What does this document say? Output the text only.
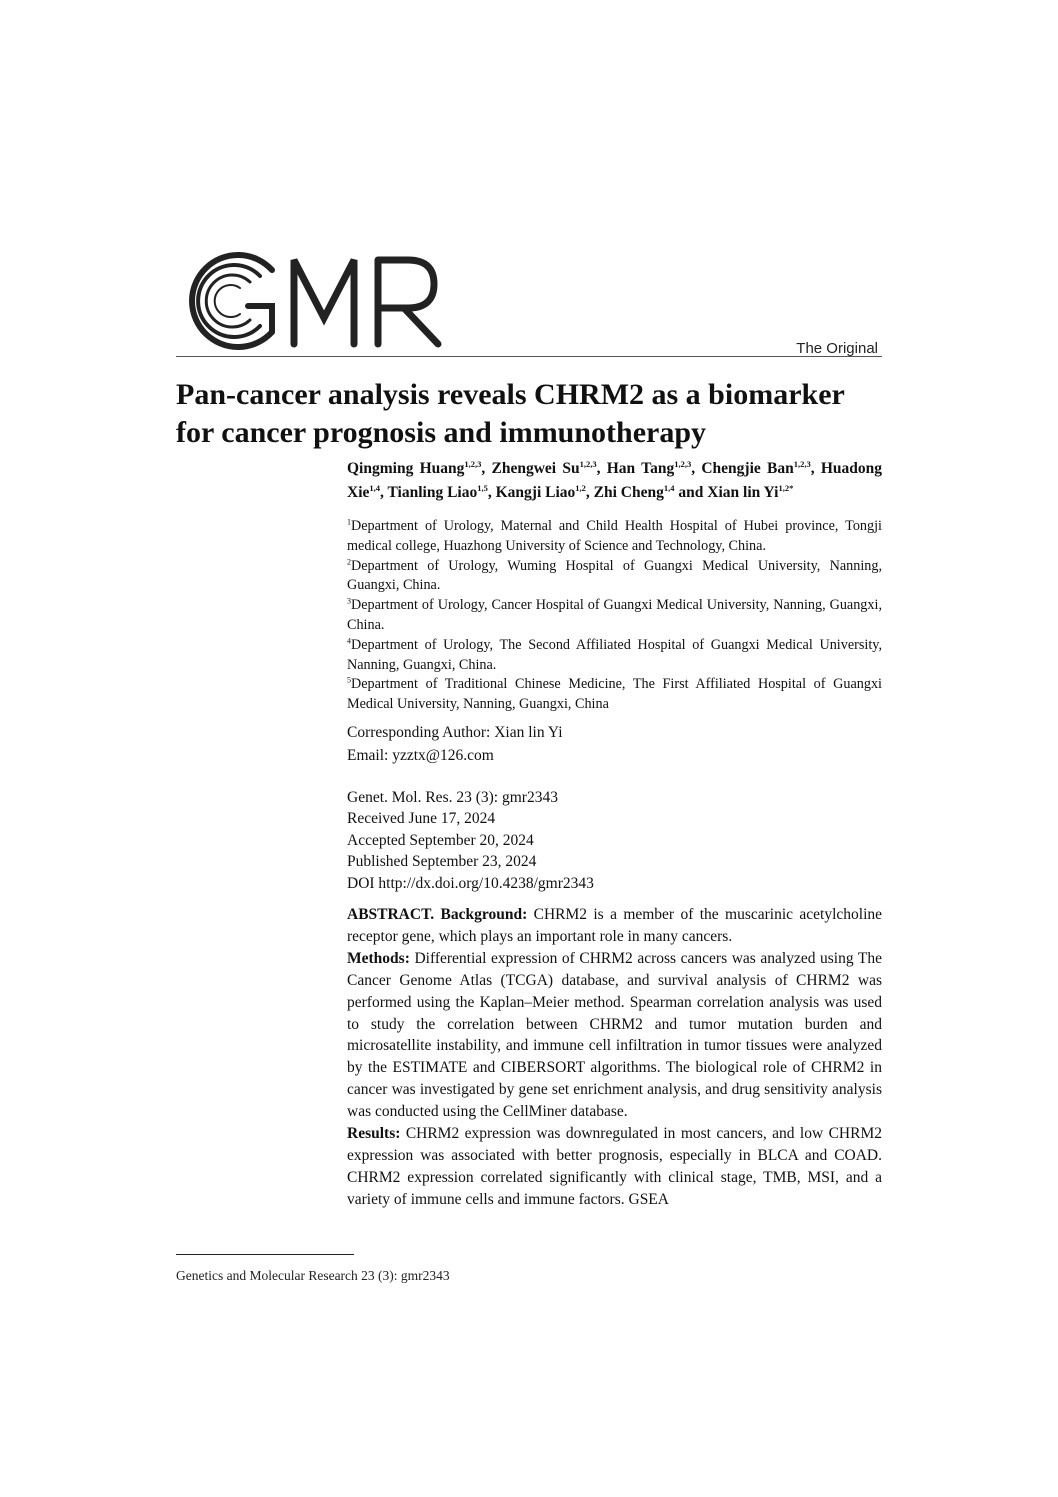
The Original
Pan-cancer analysis reveals CHRM2 as a biomarker for cancer prognosis and immunotherapy
Qingming Huang$^{1,2,3}$, Zhengwei Su$^{1,2,3}$, Han Tang$^{1,2,3}$, Chengjie Ban$^{1,2,3}$, Huadong Xie$^{1,4}$, Tianling Liao$^{1,5}$, Kangji Liao$^{1,2}$, Zhi Cheng$^{1,4}$ and Xian lin $Yi^{1,2*}$

$^1$Department of Urology, Maternal and Child Health Hospital of Hubei province, Tongji medical college, Huazhong University of Science and Technology, China.

$^2$Department of Urology, Wuming Hospital of Guangxi Medical University, Nanning, Guangxi, China.

$^3$Department of Urology, Cancer Hospital of Guangxi Medical University, Nanning, Guangxi, China.

$^4$Department of Urology, The Second Affiliated Hospital of Guangxi Medical University, Nanning, Guangxi, China.

$^5$Department of Traditional Chinese Medicine, The First Affiliated Hospital of Guangxi Medical University, Nanning, Guangxi, China

Corresponding Author: Xian lin Yi
Email: yzztx@126.com
Genet. Mol. Res. 23 (3): gmr2343
Received June 17, 2024
Accepted September 20, 2024
Published September 23, 2024
DOI http://dx.doi.org/10.4238/gmr2343

ABSTRACT. Background: CHRM2 is a member of the muscarinic acetylcholine receptor gene, which plays an important role in many cancers.

Methods: Differential expression of CHRM2 across cancers was analyzed using The Cancer Genome Atlas (TCGA) database, and survival analysis of CHRM2 was performed using the Kaplan–Meier method. Spearman correlation analysis was used to study the correlation between CHRM2 and tumor mutation burden and microsatellite instability, and immune cell infiltration in tumor tissues were analyzed by the ESTIMATE and CIBERSORT algorithms. The biological role of CHRM2 in cancer was investigated by gene set enrichment analysis, and drug sensitivity analysis was conducted using the CellMiner database.

Results: CHRM2 expression was downregulated in most cancers, and low CHRM2 expression was associated with better prognosis, especially in BLCA and COAD. CHRM2 expression correlated significantly with clinical stage, TMB, MSI, and a variety of immune cells and immune factors. GSEA

Genetics and Molecular Research 23 (3): gmr2343
